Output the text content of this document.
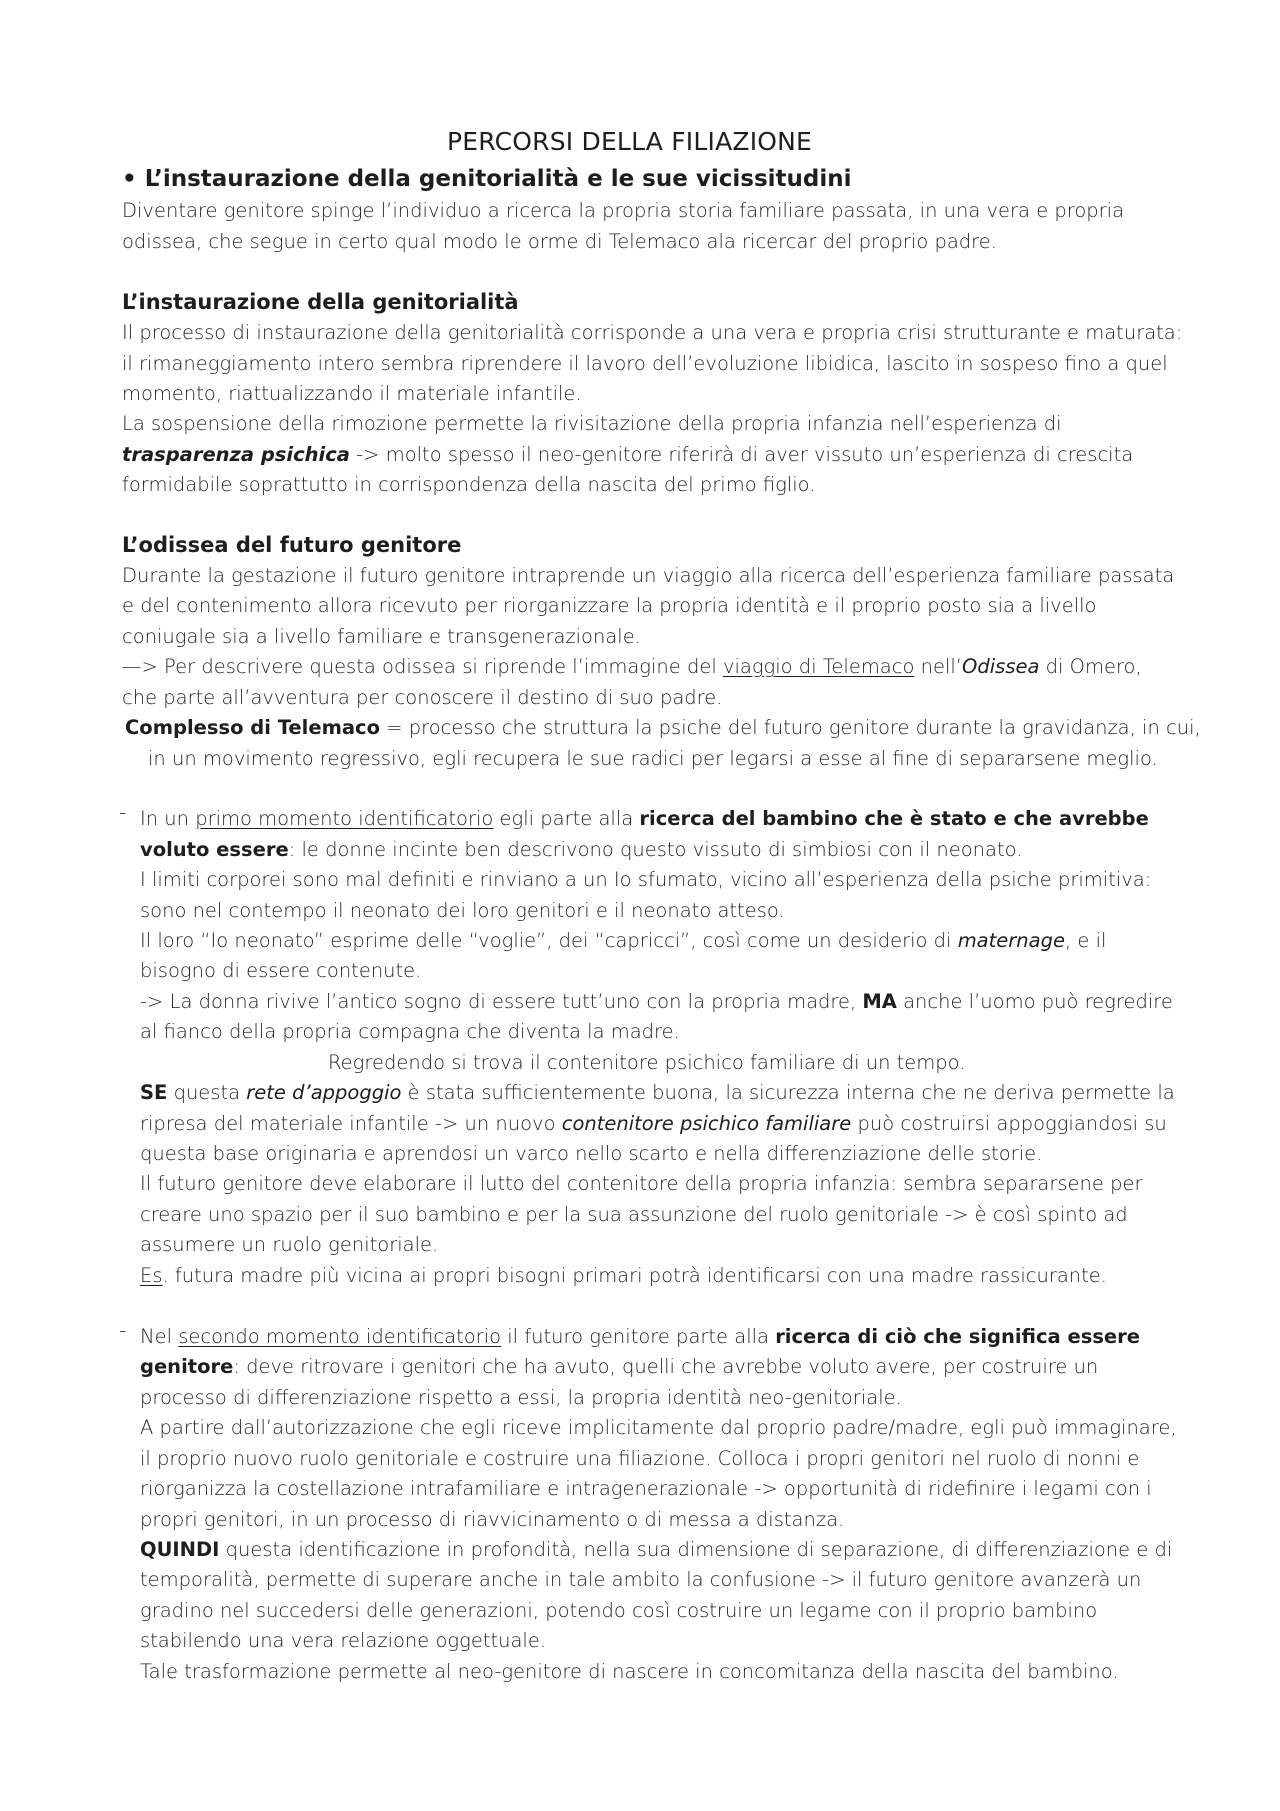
PERCORSI DELLA FILIAZIONE
• L’instaurazione della genitorialità e le sue vicissitudini
Diventare genitore spinge l’individuo a ricerca la propria storia familiare passata, in una vera e propria
odissea, che segue in certo qual modo le orme di Telemaco ala ricercar del proprio padre.
L’instaurazione della genitorialità
Il processo di instaurazione della genitorialità corrisponde a una vera e propria crisi strutturante e maturata:
il rimaneggiamento intero sembra riprendere il lavoro dell’evoluzione libidica, lascito in sospeso fino a quel
momento, riattualizzando il materiale infantile.
La sospensione della rimozione permette la rivisitazione della propria infanzia nell’esperienza di
trasparenza psichica -> molto spesso il neo-genitore riferirà di aver vissuto un’esperienza di crescita
formidabile soprattutto in corrispondenza della nascita del primo figlio.
L’odissea del futuro genitore
Durante la gestazione il futuro genitore intraprende un viaggio alla ricerca dell’esperienza familiare passata
e del contenimento allora ricevuto per riorganizzare la propria identità e il proprio posto sia a livello
coniugale sia a livello familiare e transgenerazionale.
—> Per descrivere questa odissea si riprende l’immagine del viaggio di Telemaco nell’Odissea di Omero,
che parte all’avventura per conoscere il destino di suo padre.
Complesso di Telemaco = processo che struttura la psiche del futuro genitore durante la gravidanza, in cui,
in un movimento regressivo, egli recupera le sue radici per legarsi a esse al fine di separarsene meglio.
- In un primo momento identificatorio egli parte alla ricerca del bambino che è stato e che avrebbe
voluto essere: le donne incinte ben descrivono questo vissuto di simbiosi con il neonato.
I limiti corporei sono mal definiti e rinviano a un Io sfumato, vicino all’esperienza della psiche primitiva:
sono nel contempo il neonato dei loro genitori e il neonato atteso.
Il loro “Io neonato” esprime delle “voglie”, dei “capricci”, così come un desiderio di maternage, e il
bisogno di essere contenute.
-> La donna rivive l’antico sogno di essere tutt’uno con la propria madre, MA anche l’uomo può regredire
al fianco della propria compagna che diventa la madre.
Regredendo si trova il contenitore psichico familiare di un tempo.
SE questa rete d’appoggio è stata sufficientemente buona, la sicurezza interna che ne deriva permette la
ripresa del materiale infantile -> un nuovo contenitore psichico familiare può costruirsi appoggiandosi su
questa base originaria e aprendosi un varco nello scarto e nella differenziazione delle storie.
Il futuro genitore deve elaborare il lutto del contenitore della propria infanzia: sembra separarsene per
creare uno spazio per il suo bambino e per la sua assunzione del ruolo genitoriale -> è così spinto ad
assumere un ruolo genitoriale.
Es. futura madre più vicina ai propri bisogni primari potrà identificarsi con una madre rassicurante.
- Nel secondo momento identificatorio il futuro genitore parte alla ricerca di ciò che significa essere
genitore: deve ritrovare i genitori che ha avuto, quelli che avrebbe voluto avere, per costruire un
processo di differenziazione rispetto a essi, la propria identità neo-genitoriale.
A partire dall’autorizzazione che egli riceve implicitamente dal proprio padre/madre, egli può immaginare,
il proprio nuovo ruolo genitoriale e costruire una filiazione. Colloca i propri genitori nel ruolo di nonni e
riorganizza la costellazione intrafamiliare e intragenerazionale -> opportunità di ridefinire i legami con i
propri genitori, in un processo di riavvicinamento o di messa a distanza.
QUINDI questa identificazione in profondità, nella sua dimensione di separazione, di differenziazione e di
temporalità, permette di superare anche in tale ambito la confusione -> il futuro genitore avanzerà un
gradino nel succedersi delle generazioni, potendo così costruire un legame con il proprio bambino
stabilendo una vera relazione oggettuale.
Tale trasformazione permette al neo-genitore di nascere in concomitanza della nascita del bambino.
